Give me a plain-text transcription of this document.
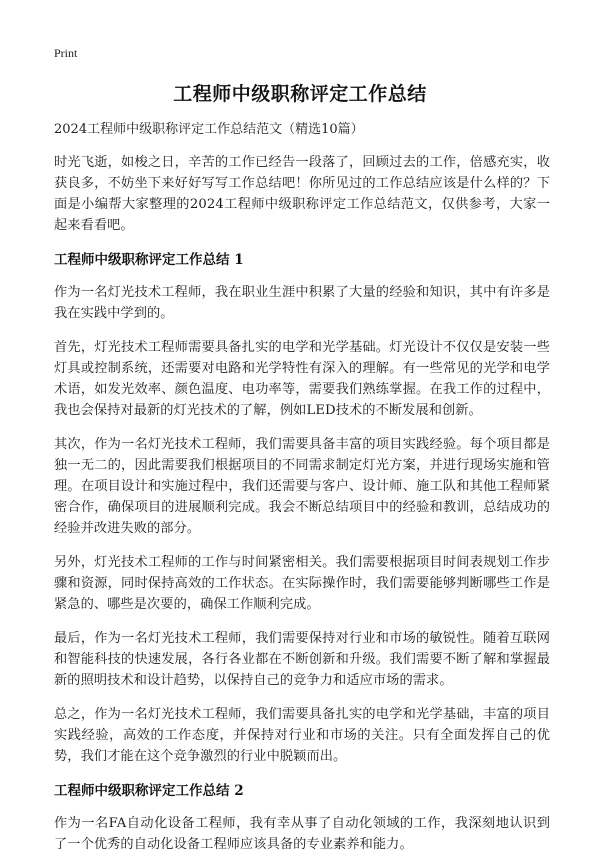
Print
工程师中级职称评定工作总结
2024工程师中级职称评定工作总结范文（精选10篇）

时光飞逝，如梭之日，辛苦的工作已经告一段落了，回顾过去的工作，倍感充实，收获良多，不妨坐下来好好写写工作总结吧！你所见过的工作总结应该是什么样的？下面是小编帮大家整理的2024工程师中级职称评定工作总结范文，仅供参考，大家一起来看看吧。

工程师中级职称评定工作总结 1

作为一名灯光技术工程师，我在职业生涯中积累了大量的经验和知识，其中有许多是我在实践中学到的。

首先，灯光技术工程师需要具备扎实的电学和光学基础。灯光设计不仅仅是安装一些灯具或控制系统，还需要对电路和光学特性有深入的理解。有一些常见的光学和电学术语，如发光效率、颜色温度、电功率等，需要我们熟练掌握。在我工作的过程中，我也会保持对最新的灯光技术的了解，例如LED技术的不断发展和创新。

其次，作为一名灯光技术工程师，我们需要具备丰富的项目实践经验。每个项目都是独一无二的，因此需要我们根据项目的不同需求制定灯光方案，并进行现场实施和管理。在项目设计和实施过程中，我们还需要与客户、设计师、施工队和其他工程师紧密合作，确保项目的进展顺利完成。我会不断总结项目中的经验和教训，总结成功的经验并改进失败的部分。

另外，灯光技术工程师的工作与时间紧密相关。我们需要根据项目时间表规划工作步骤和资源，同时保持高效的工作状态。在实际操作时，我们需要能够判断哪些工作是紧急的、哪些是次要的，确保工作顺利完成。

最后，作为一名灯光技术工程师，我们需要保持对行业和市场的敏锐性。随着互联网和智能科技的快速发展，各行各业都在不断创新和升级。我们需要不断了解和掌握最新的照明技术和设计趋势，以保持自己的竞争力和适应市场的需求。

总之，作为一名灯光技术工程师，我们需要具备扎实的电学和光学基础，丰富的项目实践经验，高效的工作态度，并保持对行业和市场的关注。只有全面发挥自己的优势，我们才能在这个竞争激烈的行业中脱颖而出。

工程师中级职称评定工作总结 2

作为一名FA自动化设备工程师，我有幸从事了自动化领域的工作，我深刻地认识到了一个优秀的自动化设备工程师应该具备的专业素养和能力。
